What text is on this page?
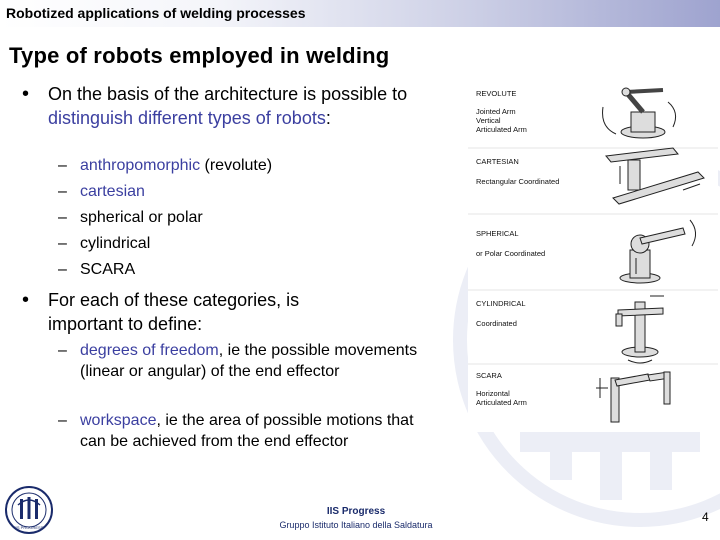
Robotized applications of welding processes
Type of robots employed in welding
• On the basis of the architecture is possible to distinguish different types of robots:
– anthropomorphic (revolute)
– cartesian
– spherical or polar
– cylindrical
– SCARA
• For each of these categories, is important to define:
– degrees of freedom, ie the possible movements (linear or angular) of the end effector
– workspace, ie the area of possible motions that can be achieved from the end effector
REVOLUTE
Jointed Arm
Vertical
Articulated Arm
CARTESIAN
Rectangular Coordinated
SPHERICAL
or Polar Coordinated
CYLINDRICAL
Coordinated
SCARA
Horizontal
Articulated Arm
IIS PROGRESS
IIS Progress
Gruppo Istituto Italiano della Saldatura
4
